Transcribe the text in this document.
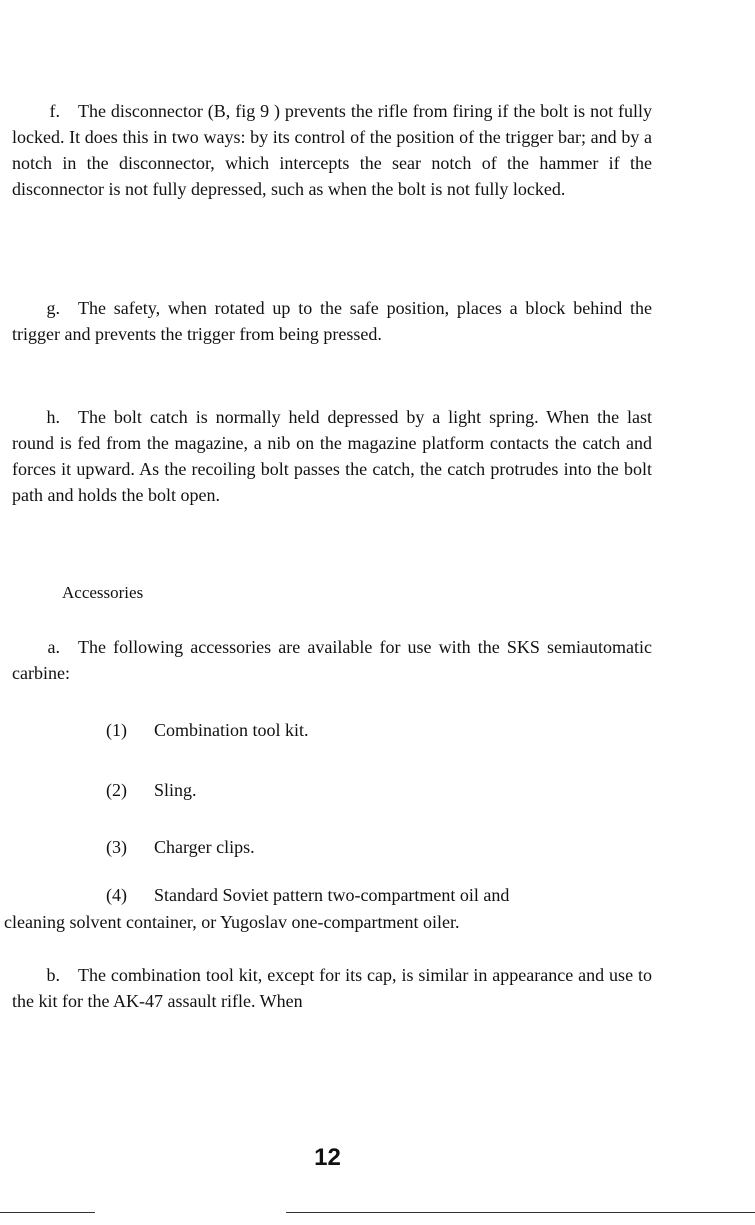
f. The disconnector (B, fig 9 ) prevents the rifle from firing if the bolt is not fully locked. It does this in two ways: by its control of the position of the trigger bar; and by a notch in the disconnector, which intercepts the sear notch of the hammer if the disconnector is not fully depressed, such as when the bolt is not fully locked.

g. The safety, when rotated up to the safe position, places a block behind the trigger and prevents the trigger from being pressed.

h. The bolt catch is normally held depressed by a light spring. When the last round is fed from the magazine, a nib on the magazine platform contacts the catch and forces it upward. As the recoiling bolt passes the catch, the catch protrudes into the bolt path and holds the bolt open.

Accessories

a. The following accessories are available for use with the SKS semiautomatic carbine:

(1) Combination tool kit.

(2) Sling.

(3) Charger clips.

(4) Standard Soviet pattern two-compartment oil and

cleaning solvent container, or Yugoslav one-compartment oiler.

b. The combination tool kit, except for its cap, is similar in appearance and use to the kit for the AK-47 assault rifle. When

12
